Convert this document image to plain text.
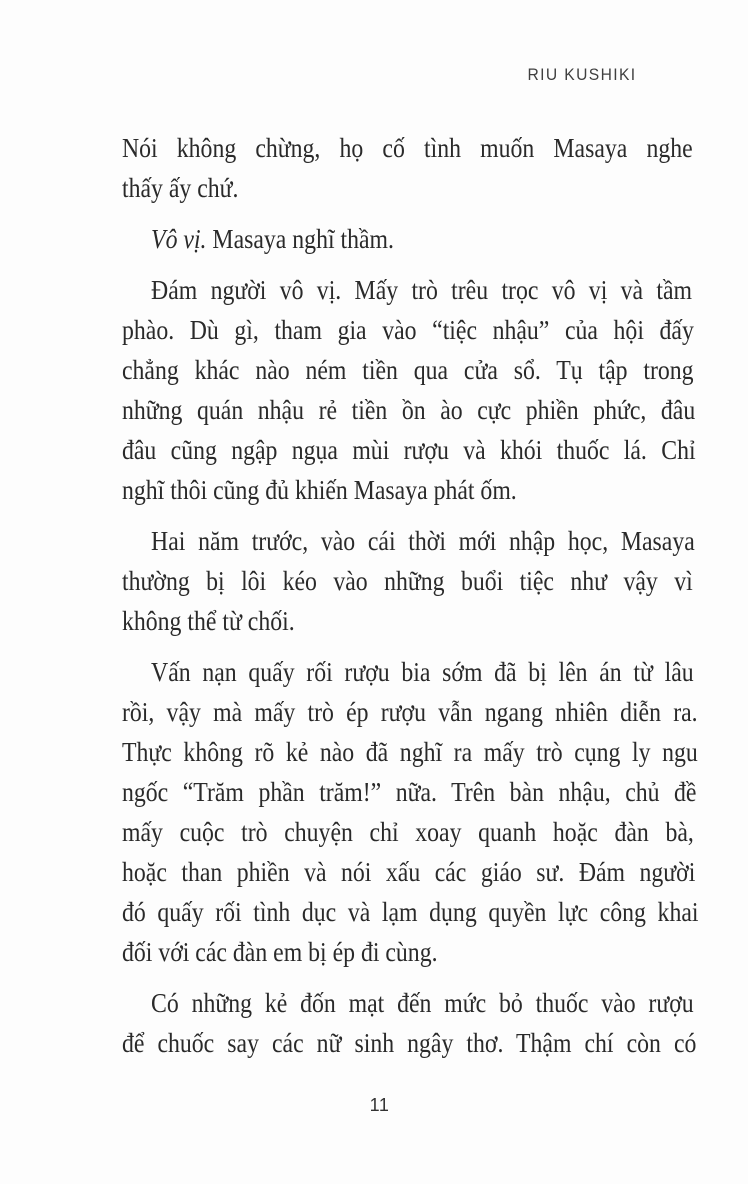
RIU KUSHIKI
Nói không chừng, họ cố tình muốn Masaya nghe
thấy ấy chứ.
Vô vị. Masaya nghĩ thầm.
Đám người vô vị. Mấy trò trêu trọc vô vị và tầm
phào. Dù gì, tham gia vào “tiệc nhậu” của hội đấy
chẳng khác nào ném tiền qua cửa sổ. Tụ tập trong
những quán nhậu rẻ tiền ồn ào cực phiền phức, đâu
đâu cũng ngập ngụa mùi rượu và khói thuốc lá. Chỉ
nghĩ thôi cũng đủ khiến Masaya phát ốm.
Hai năm trước, vào cái thời mới nhập học, Masaya
thường bị lôi kéo vào những buổi tiệc như vậy vì
không thể từ chối.
Vấn nạn quấy rối rượu bia sớm đã bị lên án từ lâu
rồi, vậy mà mấy trò ép rượu vẫn ngang nhiên diễn ra.
Thực không rõ kẻ nào đã nghĩ ra mấy trò cụng ly ngu
ngốc “Trăm phần trăm!” nữa. Trên bàn nhậu, chủ đề
mấy cuộc trò chuyện chỉ xoay quanh hoặc đàn bà,
hoặc than phiền và nói xấu các giáo sư. Đám người
đó quấy rối tình dục và lạm dụng quyền lực công khai
đối với các đàn em bị ép đi cùng.
Có những kẻ đốn mạt đến mức bỏ thuốc vào rượu
để chuốc say các nữ sinh ngây thơ. Thậm chí còn có
11
